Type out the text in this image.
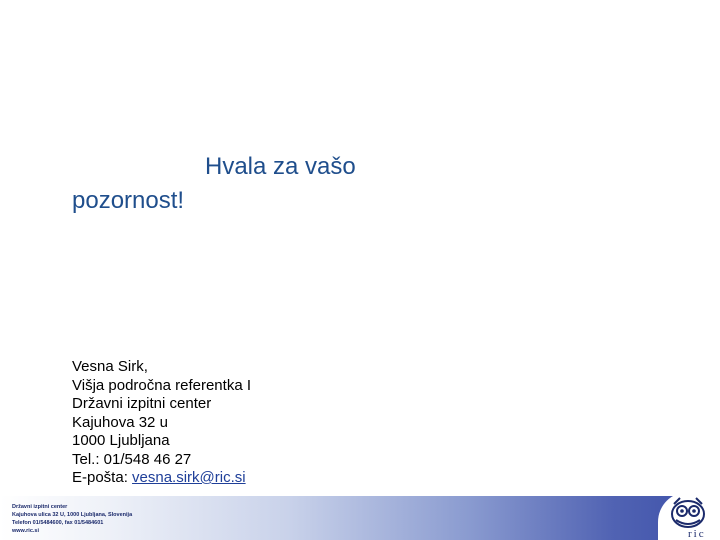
Hvala za vašo
pozornost!
Vesna Sirk,
Višja področna referentka I
Državni izpitni center
Kajuhova 32 u
1000 Ljubljana
Tel.: 01/548 46 27
E-pošta: vesna.sirk@ric.si
Državni izpitni center
Kajuhova ulica 32 U, 1000 Ljubljana, Slovenija
Telefon 01/5484600, fax 01/5484601
www.ric.si	ric
